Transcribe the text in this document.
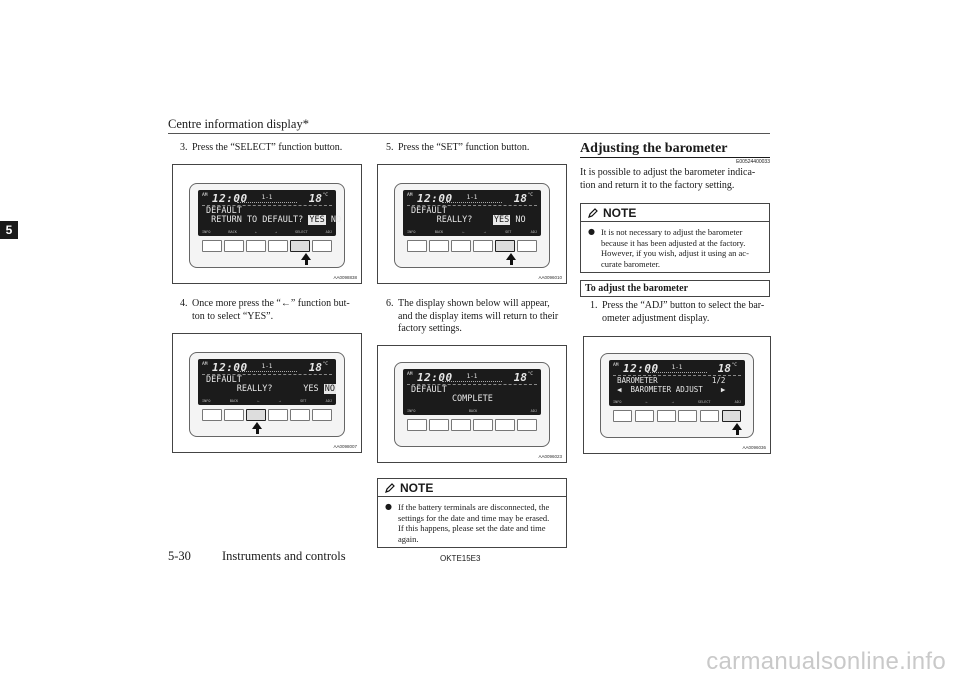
Centre information display*
5
3. Press the “SELECT” function button.
AM 12:00	1-1	18 °C
DEFAULT
RETURN TO DEFAULT? YES NO
INFO	BACK	←	→	SELECT	ADJ
AA0098838
4. Once more press the “←” function but-
ton to select “YES”.
AM 12:00	1-1	18 °C
DEFAULT
REALLY?      YES NO
INFO	BACK	←	→	SET	ADJ
AA0098007
5. Press the “SET” function button.
AM 12:00	1-1	18 °C
DEFAULT
REALLY?    YES NO
INFO	BACK	←	→	SET	ADJ
AA0096010
6. The display shown below will appear,
and the display items will return to their
factory settings.
AM 12:00	1-1	18 °C
DEFAULT
COMPLETE
INFO	BACK	ADJ
AA0096023
NOTE
● If the battery terminals are disconnected, the
settings for the date and time may be erased.
If this happens, please set the date and time
again.
Adjusting the barometer
E00524400033
It is possible to adjust the barometer indica-
tion and return it to the factory setting.
NOTE
● It is not necessary to adjust the barometer
because it has been adjusted at the factory.
However, if you wish, adjust it using an ac-
curate barometer.
To adjust the barometer
1. Press the “ADJ” button to select the bar-
ometer adjustment display.
AM 12:00	1-1	18 °C
BAROMETER            1/2
◀  BAROMETER ADJUST    ▶
INFO	←	→	SELECT	ADJ
AA0096036
5-30 Instruments and controls	OKTE15E3
carmanualsonline.info
